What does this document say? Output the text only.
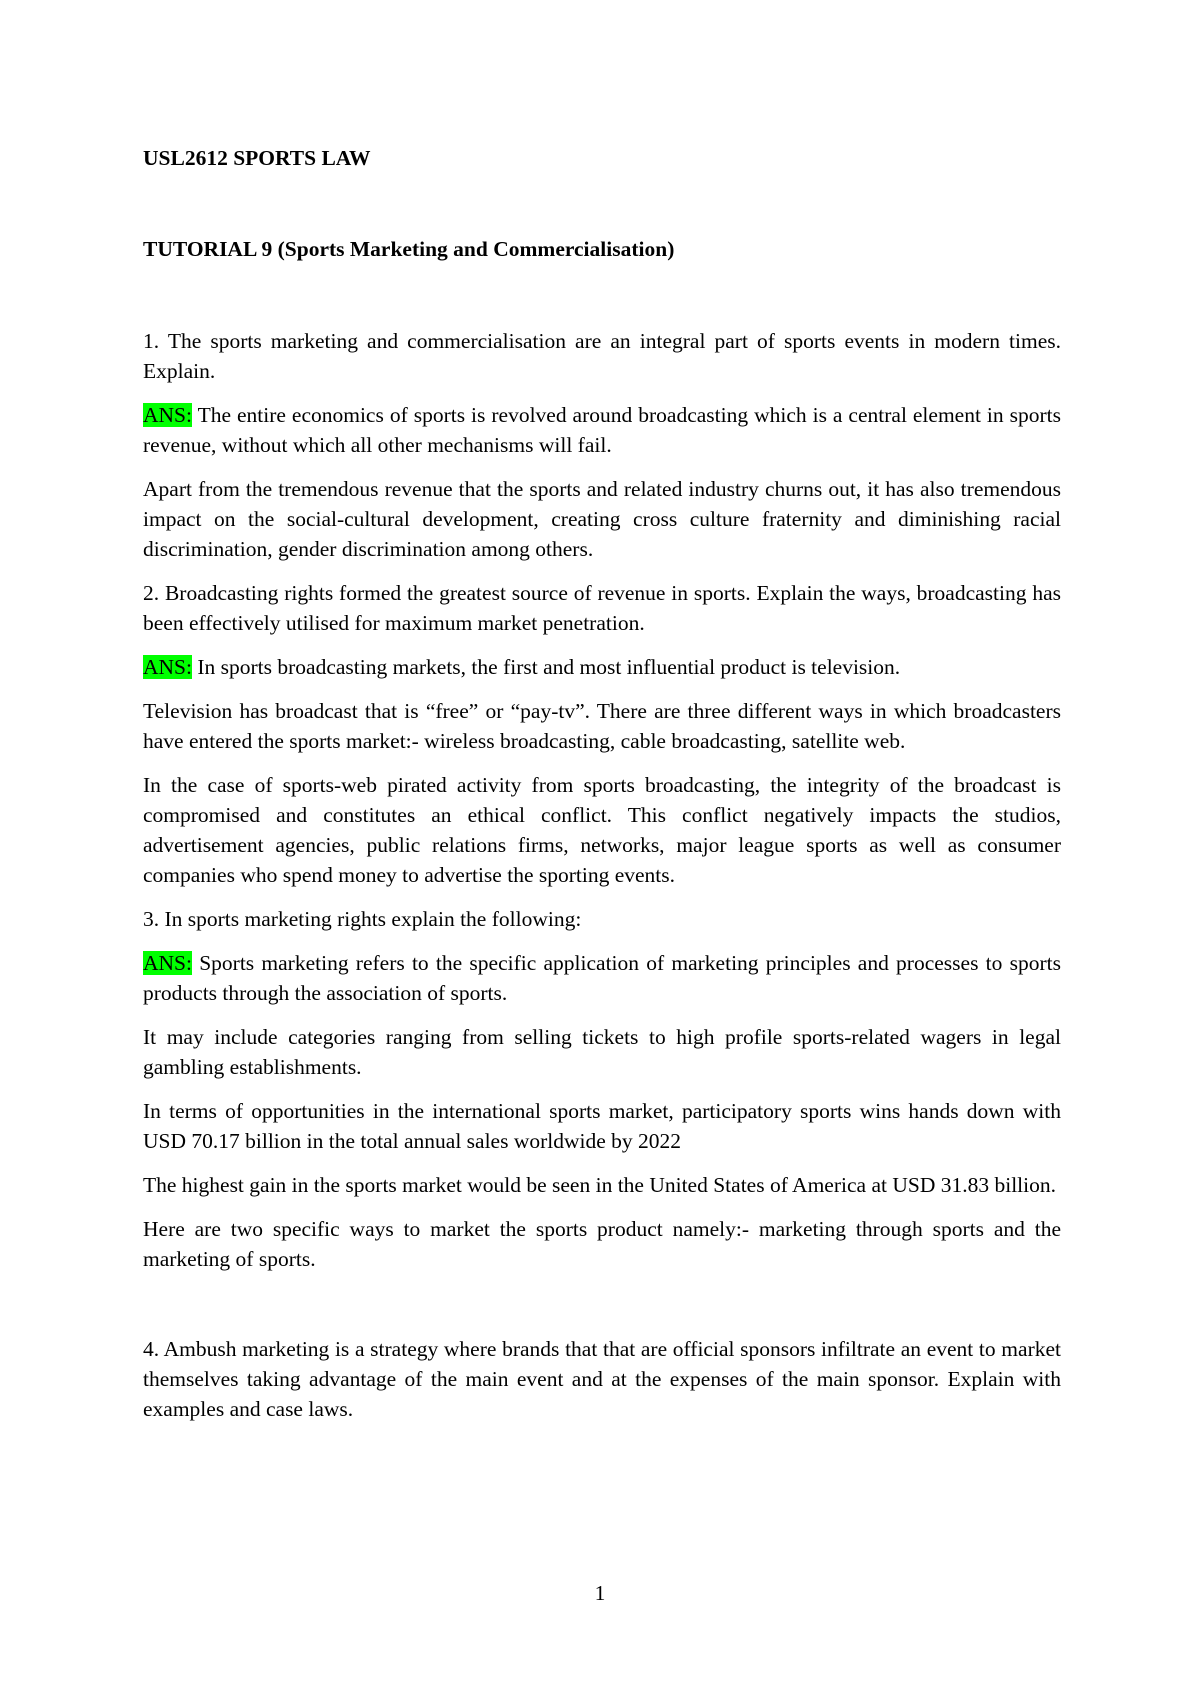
USL2612 SPORTS LAW

TUTORIAL 9 (Sports Marketing and Commercialisation)

1. The sports marketing and commercialisation are an integral part of sports events in modern times. Explain.

ANS: The entire economics of sports is revolved around broadcasting which is a central element in sports revenue, without which all other mechanisms will fail.

Apart from the tremendous revenue that the sports and related industry churns out, it has also tremendous impact on the social-cultural development, creating cross culture fraternity and diminishing racial discrimination, gender discrimination among others.

2. Broadcasting rights formed the greatest source of revenue in sports. Explain the ways, broadcasting has been effectively utilised for maximum market penetration.

ANS: In sports broadcasting markets, the first and most influential product is television.

Television has broadcast that is “free” or “pay-tv”. There are three different ways in which broadcasters have entered the sports market:- wireless broadcasting, cable broadcasting, satellite web.

In the case of sports-web pirated activity from sports broadcasting, the integrity of the broadcast is compromised and constitutes an ethical conflict. This conflict negatively impacts the studios, advertisement agencies, public relations firms, networks, major league sports as well as consumer companies who spend money to advertise the sporting events.

3. In sports marketing rights explain the following:

ANS: Sports marketing refers to the specific application of marketing principles and processes to sports products through the association of sports.

It may include categories ranging from selling tickets to high profile sports-related wagers in legal gambling establishments.

In terms of opportunities in the international sports market, participatory sports wins hands down with USD 70.17 billion in the total annual sales worldwide by 2022

The highest gain in the sports market would be seen in the United States of America at USD 31.83 billion.

Here are two specific ways to market the sports product namely:- marketing through sports and the marketing of sports.

4. Ambush marketing is a strategy where brands that that are official sponsors infiltrate an event to market themselves taking advantage of the main event and at the expenses of the main sponsor. Explain with examples and case laws.

1
